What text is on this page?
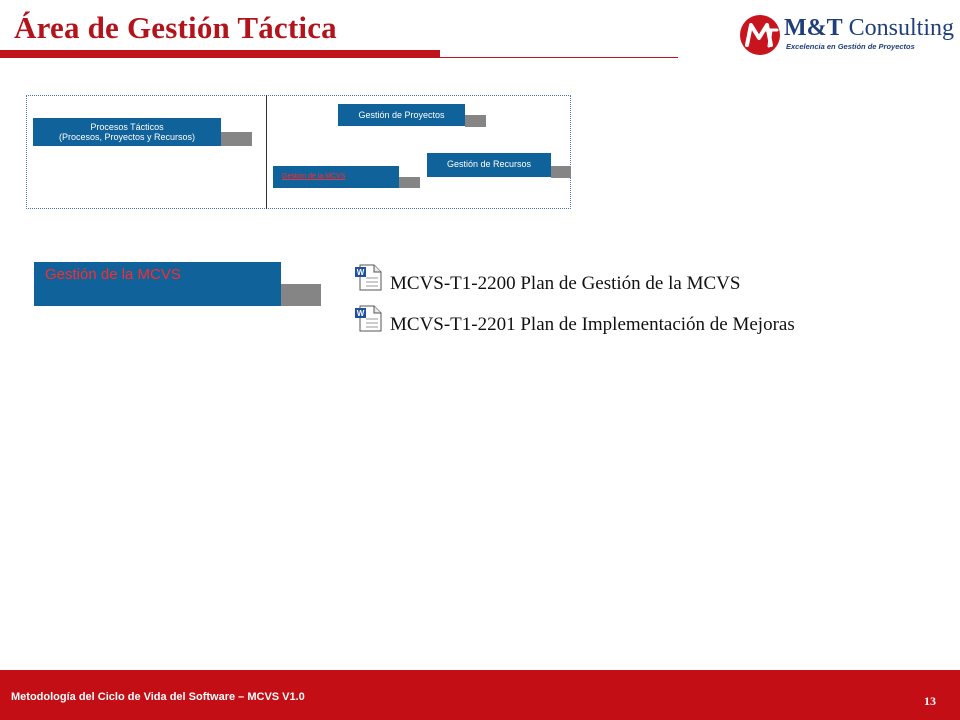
Área de Gestión Táctica	M&T Consulting
Excelencia en Gestión de Proyectos
Procesos Tácticos
(Procesos, Proyectos y Recursos)
Gestión de Proyectos
Gestión de Recursos
Gestión de la MCVS
Gestión de la MCVS	W
MCVS-T1-2200 Plan de Gestión de la MCVS
W
MCVS-T1-2201 Plan de Implementación de Mejoras
Metodología del Ciclo de Vida del Software – MCVS V1.0	13
